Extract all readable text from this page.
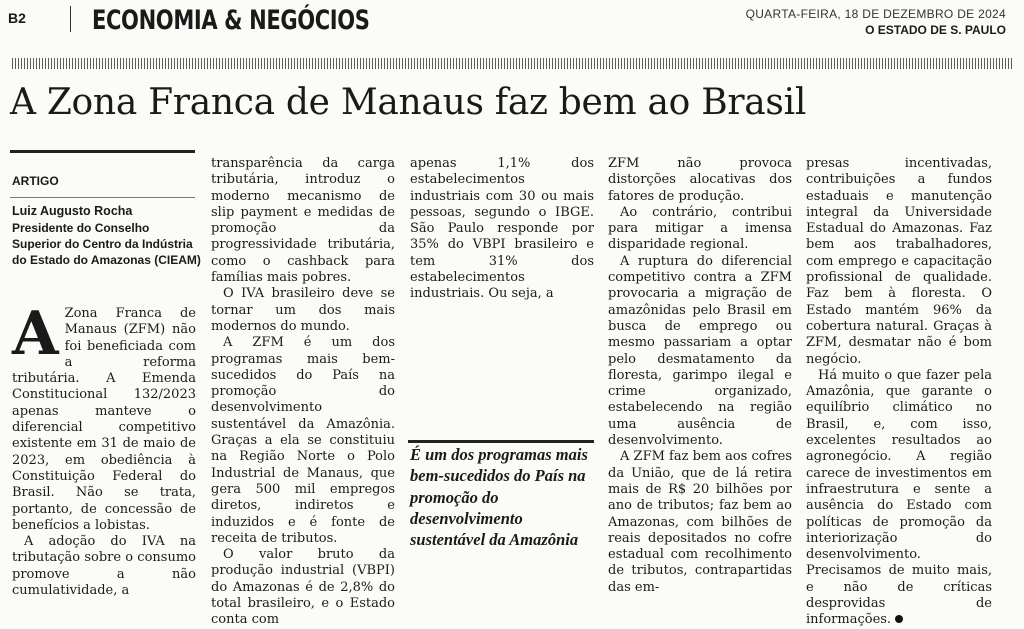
B2 ECONOMIA & NEGÓCIOS	QUARTA-FEIRA, 18 DE DEZEMBRO DE 2024
O ESTADO DE S. PAULO
A Zona Franca de Manaus faz bem ao Brasil
ARTIGO
Luiz Augusto Rocha
Presidente do Conselho Superior do Centro da Indústria do Estado do Amazonas (CIEAM)

A Zona Franca de Manaus (ZFM) não foi beneficiada com a reforma tributária. A Emenda Constitucional 132/2023 apenas manteve o diferencial competitivo existente em 31 de maio de 2023, em obediência à Constituição Federal do Brasil. Não se trata, portanto, de concessão de benefícios a lobistas.

A adoção do IVA na tributação sobre o consumo promove a não cumulatividade, a

transparência da carga tributária, introduz o moderno mecanismo de slip payment e medidas de promoção da progressividade tributária, como o cashback para famílias mais pobres.

O IVA brasileiro deve se tornar um dos mais modernos do mundo.

A ZFM é um dos programas mais bem-sucedidos do País na promoção do desenvolvimento sustentável da Amazônia. Graças a ela se constituiu na Região Norte o Polo Industrial de Manaus, que gera 500 mil empregos diretos, indiretos e induzidos e é fonte de receita de tributos.

O valor bruto da produção industrial (VBPI) do Amazonas é de 2,8% do total brasileiro, e o Estado conta com

apenas 1,1% dos estabelecimentos industriais com 30 ou mais pessoas, segundo o IBGE. São Paulo responde por 35% do VBPI brasileiro e tem 31% dos estabelecimentos industriais. Ou seja, a

É um dos programas mais bem-sucedidos do País na promoção do desenvolvimento sustentável da Amazônia

ZFM não provoca distorções alocativas dos fatores de produção.

Ao contrário, contribui para mitigar a imensa disparidade regional.

A ruptura do diferencial competitivo contra a ZFM provocaria a migração de amazônidas pelo Brasil em busca de emprego ou mesmo passariam a optar pelo desmatamento da floresta, garimpo ilegal e crime organizado, estabelecendo na região uma ausência de desenvolvimento.

A ZFM faz bem aos cofres da União, que de lá retira mais de R$ 20 bilhões por ano de tributos; faz bem ao Amazonas, com bilhões de reais depositados no cofre estadual com recolhimento de tributos, contrapartidas das em-

presas incentivadas, contribuições a fundos estaduais e manutenção integral da Universidade Estadual do Amazonas. Faz bem aos trabalhadores, com emprego e capacitação profissional de qualidade. Faz bem à floresta. O Estado mantém 96% da cobertura natural. Graças à ZFM, desmatar não é bom negócio.

Há muito o que fazer pela Amazônia, que garante o equilíbrio climático no Brasil, e, com isso, excelentes resultados ao agronegócio. A região carece de investimentos em infraestrutura e sente a ausência do Estado com políticas de promoção da interiorização do desenvolvimento. Precisamos de muito mais, e não de críticas desprovidas de informações.
